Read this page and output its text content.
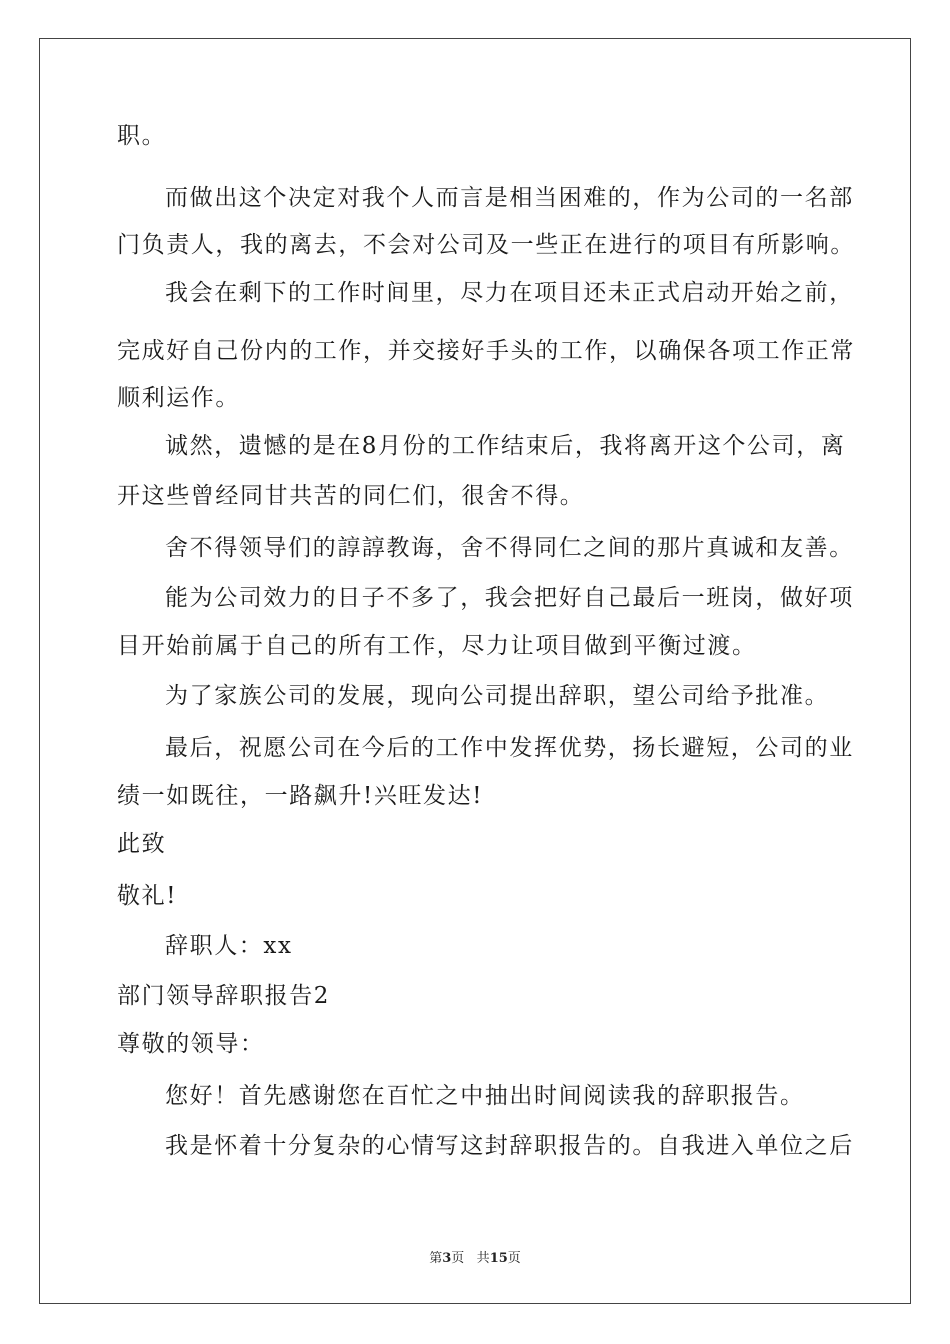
职。
而做出这个决定对我个人而言是相当困难的，作为公司的一名部
门负责人，我的离去，不会对公司及一些正在进行的项目有所影响。
我会在剩下的工作时间里，尽力在项目还未正式启动开始之前，
完成好自己份内的工作，并交接好手头的工作，以确保各项工作正常
顺利运作。
诚然，遗憾的是在8月份的工作结束后，我将离开这个公司，离
开这些曾经同甘共苦的同仁们，很舍不得。
舍不得领导们的諄諄教诲，舍不得同仁之间的那片真诚和友善。
能为公司效力的日子不多了，我会把好自己最后一班岗，做好项
目开始前属于自己的所有工作，尽力让项目做到平衡过渡。
为了家族公司的发展，现向公司提出辞职，望公司给予批准。
最后，祝愿公司在今后的工作中发挥优势，扬长避短，公司的业
绩一如既往，一路飙升!兴旺发达!
此致
敬礼!
辞职人：xx
部门领导辞职报告2
尊敬的领导：
您好！首先感谢您在百忙之中抽出时间阅读我的辞职报告。
我是怀着十分复杂的心情写这封辞职报告的。自我进入单位之后
第3页 共15页
